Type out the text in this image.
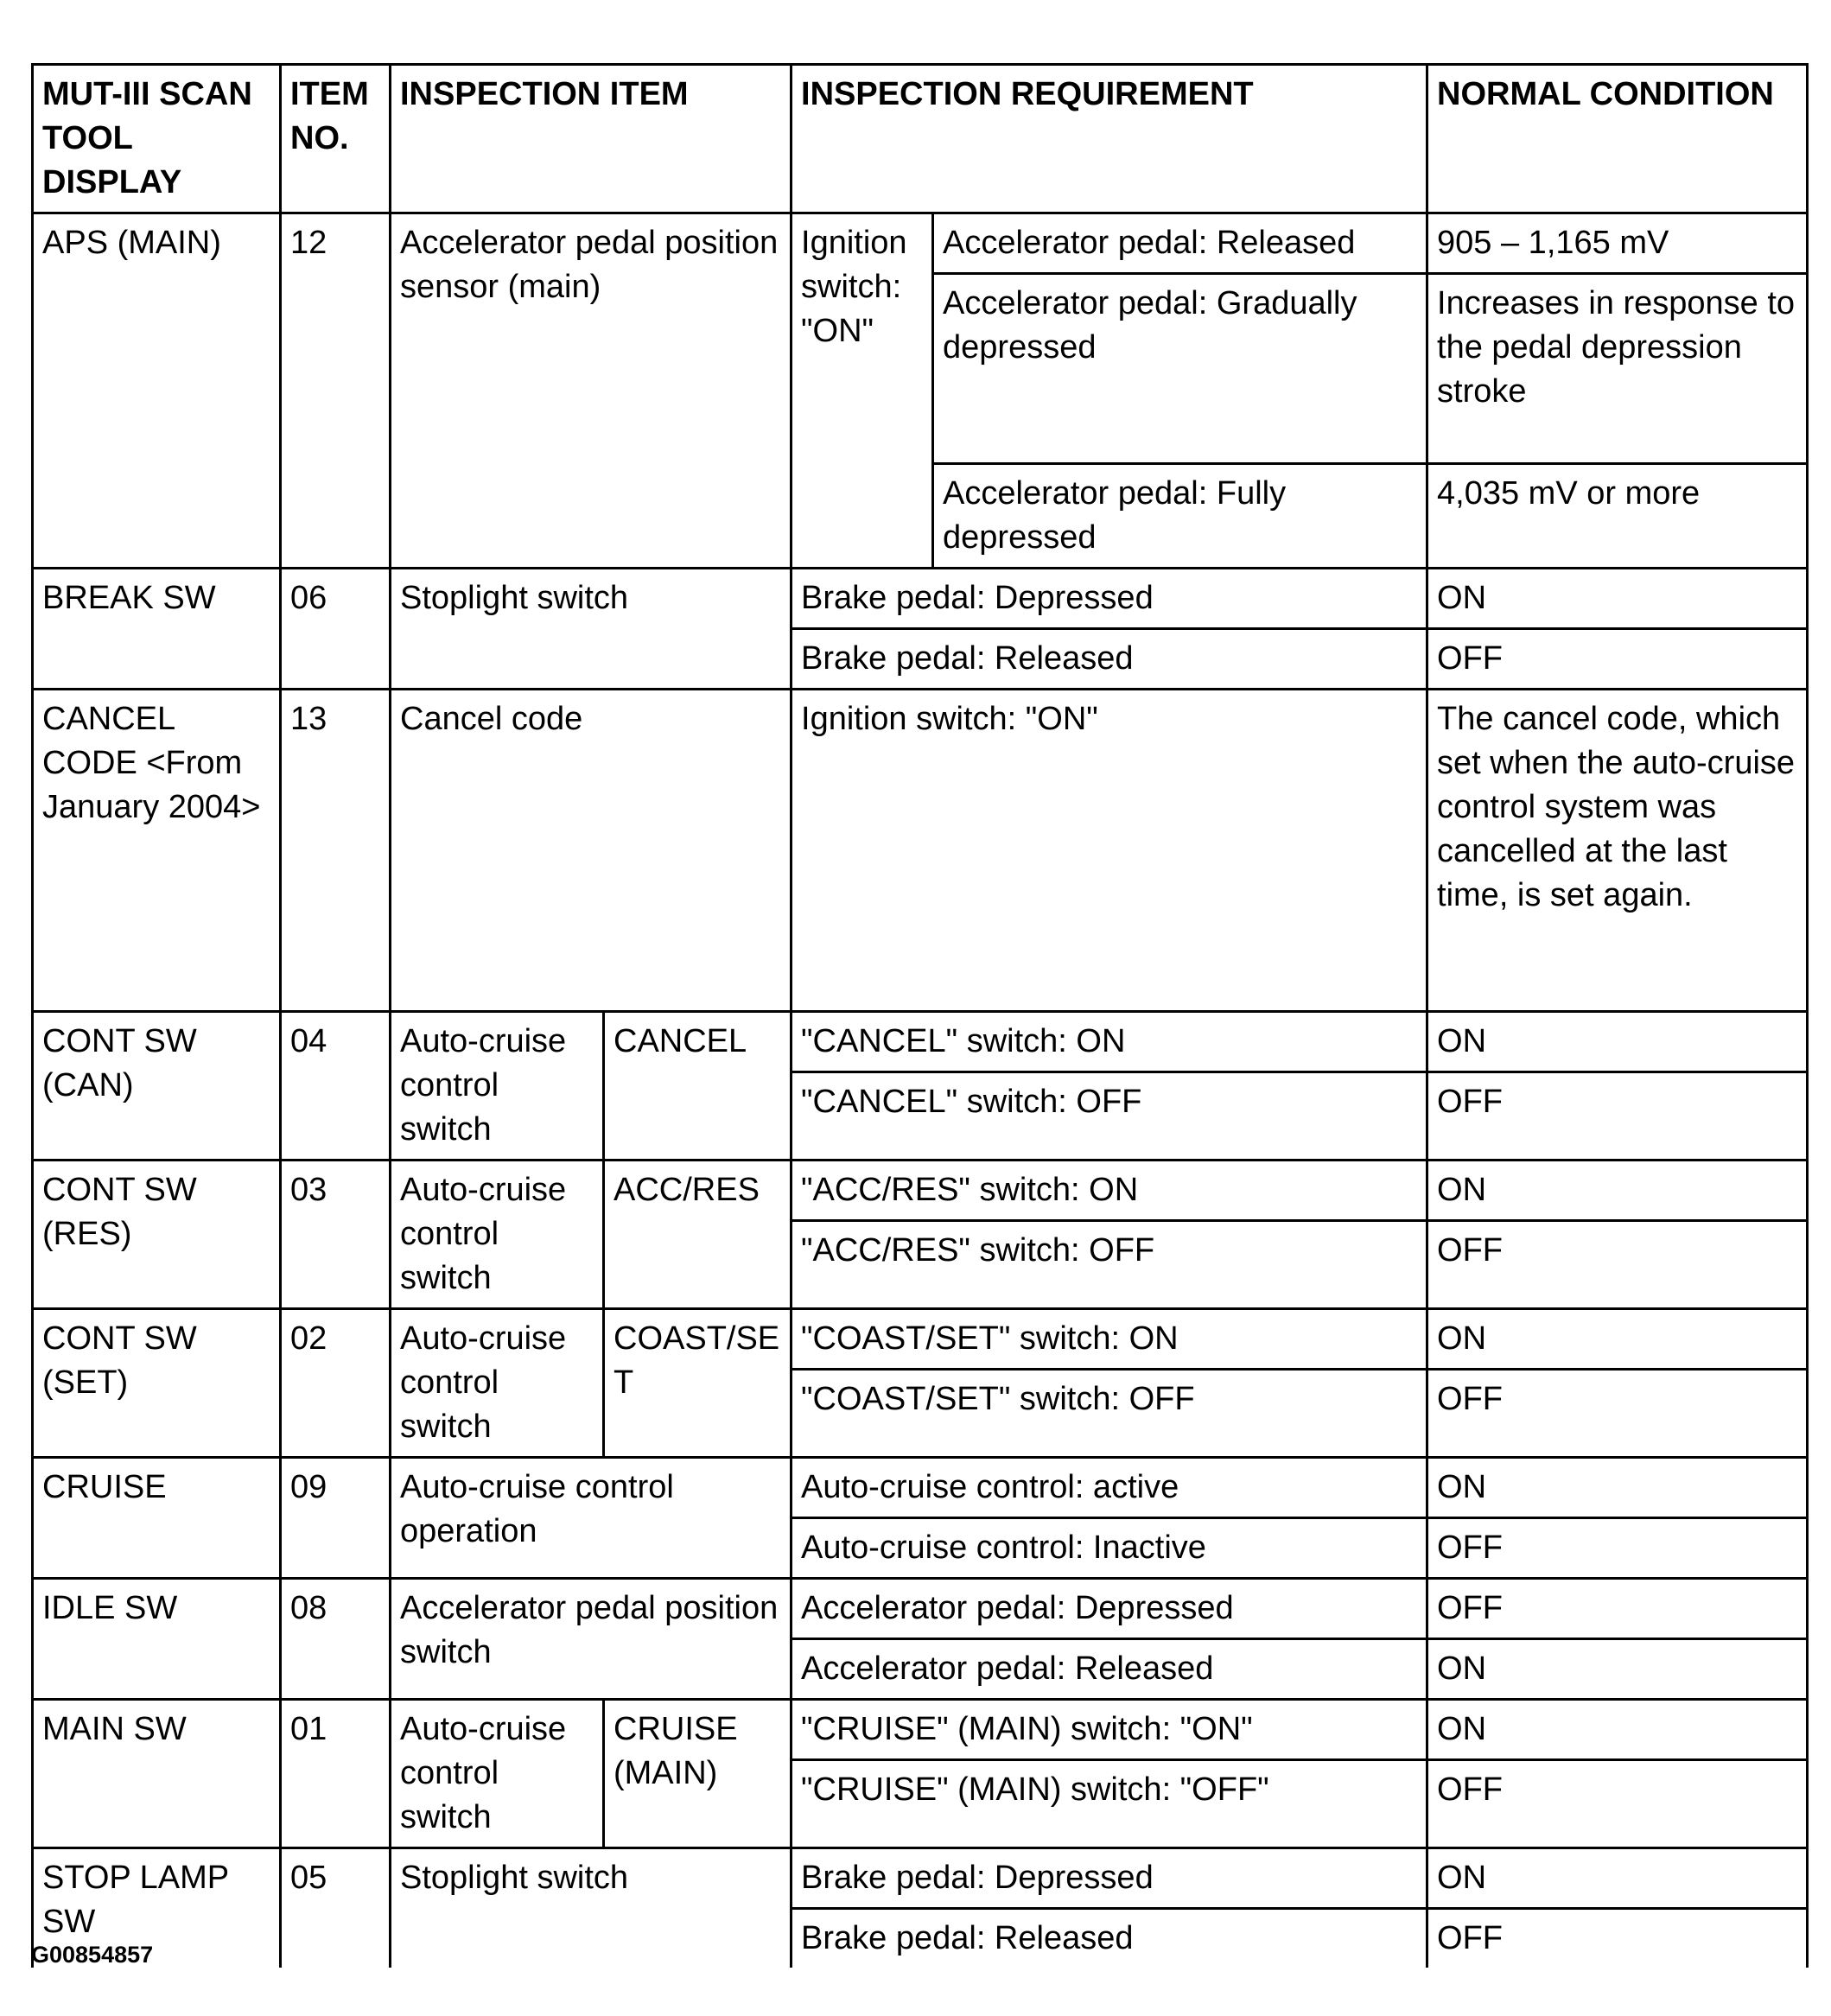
MUT-III SCAN TOOL DISPLAY	ITEM NO.	INSPECTION ITEM		INSPECTION REQUIREMENT		NORMAL CONDITION
APS (MAIN)	12	Accelerator pedal position sensor (main)		Ignition switch: "ON"	Accelerator pedal: Released	905 – 1,165 mV
					Accelerator pedal: Gradually depressed	Increases in response to the pedal depression stroke
					Accelerator pedal: Fully depressed	4,035 mV or more
BREAK SW	06	Stoplight switch		Brake pedal: Depressed		ON
				Brake pedal: Released		OFF
CANCEL CODE <From January 2004>	13	Cancel code		Ignition switch: "ON"		The cancel code, which set when the auto-cruise control system was cancelled at the last time, is set again.
CONT SW (CAN)	04	Auto-cruise control switch	CANCEL	"CANCEL" switch: ON		ON
				"CANCEL" switch: OFF		OFF
CONT SW (RES)	03	Auto-cruise control switch	ACC/RES	"ACC/RES" switch: ON		ON
				"ACC/RES" switch: OFF		OFF
CONT SW (SET)	02	Auto-cruise control switch	COAST/SET	"COAST/SET" switch: ON		ON
				"COAST/SET" switch: OFF		OFF
CRUISE	09	Auto-cruise control operation		Auto-cruise control: active		ON
				Auto-cruise control: Inactive		OFF
IDLE SW	08	Accelerator pedal position switch		Accelerator pedal: Depressed		OFF
				Accelerator pedal: Released		ON
MAIN SW	01	Auto-cruise control switch	CRUISE (MAIN)	"CRUISE" (MAIN) switch: "ON"		ON
				"CRUISE" (MAIN) switch: "OFF"		OFF
STOP LAMP SW	05	Stoplight switch		Brake pedal: Depressed		ON
				Brake pedal: Released		OFF
G00854857
